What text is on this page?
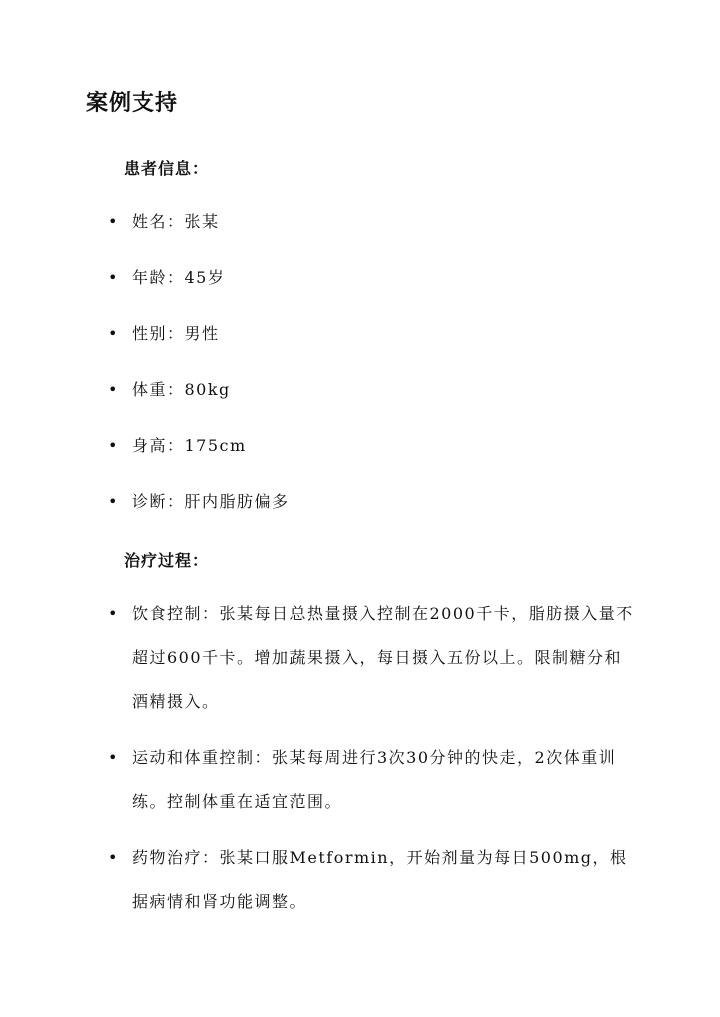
案例支持
患者信息：
• 姓名：张某
• 年龄：45岁
• 性别：男性
• 体重：80kg
• 身高：175cm
• 诊断：肝内脂肪偏多
治疗过程：
• 饮食控制：张某每日总热量摄入控制在2000千卡，脂肪摄入量不超过600千卡。增加蔬果摄入，每日摄入五份以上。限制糖分和酒精摄入。
• 运动和体重控制：张某每周进行3次30分钟的快走，2次体重训练。控制体重在适宜范围。
• 药物治疗：张某口服Metformin，开始剂量为每日500mg，根据病情和肾功能调整。
